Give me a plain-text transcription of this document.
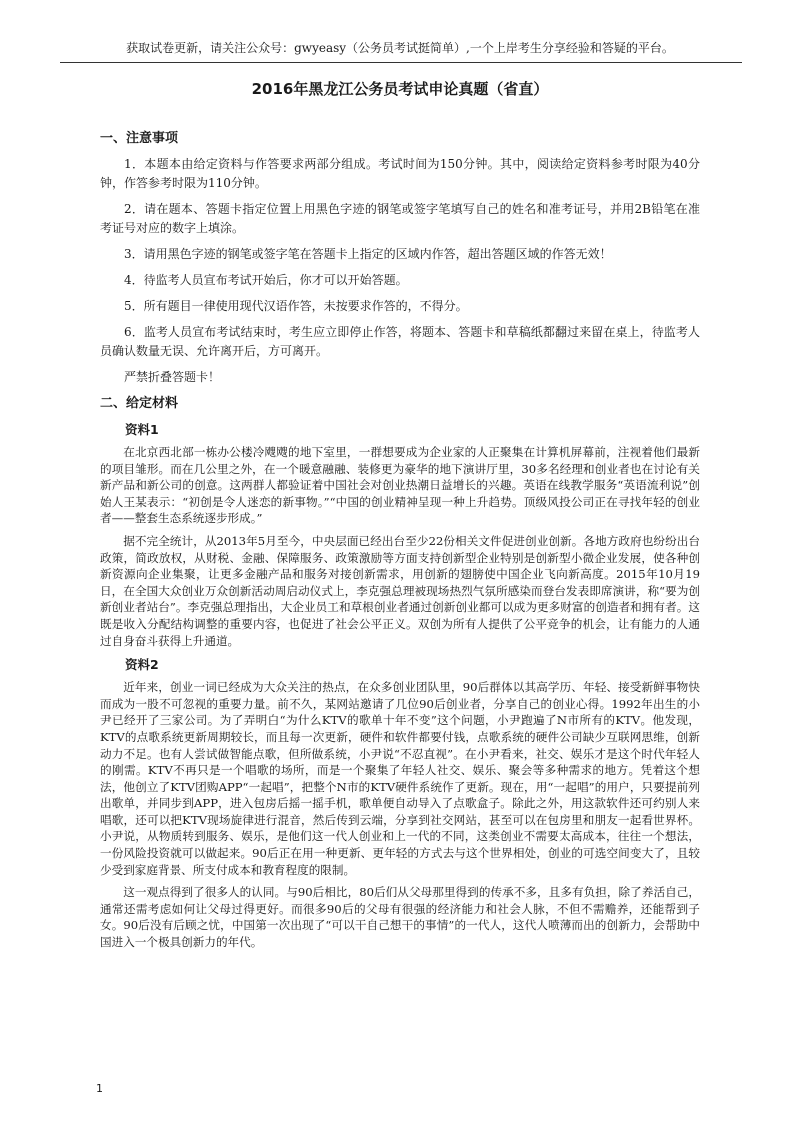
获取试卷更新，请关注公众号：gwyeasy（公务员考试挺简单）,一个上岸考生分享经验和答疑的平台。
2016年黑龙江公务员考试申论真题（省直）
一、注意事项

1．本题本由给定资料与作答要求两部分组成。考试时间为150分钟。其中，阅读给定资料参考时限为40分钟，作答参考时限为110分钟。

2．请在题本、答题卡指定位置上用黑色字迹的钢笔或签字笔填写自己的姓名和准考证号，并用2B铅笔在准考证号对应的数字上填涂。

3．请用黑色字迹的钢笔或签字笔在答题卡上指定的区域内作答，超出答题区域的作答无效！

4．待监考人员宣布考试开始后，你才可以开始答题。

5．所有题目一律使用现代汉语作答，未按要求作答的，不得分。

6．监考人员宣布考试结束时，考生应立即停止作答，将题本、答题卡和草稿纸都翻过来留在桌上，待监考人员确认数量无误、允许离开后，方可离开。

严禁折叠答题卡！

二、给定材料
资料1

在北京西北部一栋办公楼冷飕飕的地下室里，一群想要成为企业家的人正聚集在计算机屏幕前，注视着他们最新的项目雏形。而在几公里之外，在一个暖意融融、装修更为豪华的地下演讲厅里，30多名经理和创业者也在讨论有关新产品和新公司的创意。这两群人都验证着中国社会对创业热潮日益增长的兴趣。英语在线教学服务“英语流利说”创始人王某表示：“初创是令人迷恋的新事物。”“中国的创业精神呈现一种上升趋势。顶级风投公司正在寻找年轻的创业者——整套生态系统逐步形成。”

据不完全统计，从2013年5月至今，中央层面已经出台至少22份相关文件促进创业创新。各地方政府也纷纷出台政策，简政放权，从财税、金融、保障服务、政策激励等方面支持创新型企业特别是创新型小微企业发展，使各种创新资源向企业集聚，让更多金融产品和服务对接创新需求，用创新的翅膀使中国企业飞向新高度。2015年10月19日，在全国大众创业万众创新活动周启动仪式上，李克强总理被现场热烈气氛所感染而登台发表即席演讲，称“要为创新创业者站台”。李克强总理指出，大企业员工和草根创业者通过创新创业都可以成为更多财富的创造者和拥有者。这既是收入分配结构调整的重要内容，也促进了社会公平正义。双创为所有人提供了公平竞争的机会，让有能力的人通过自身奋斗获得上升通道。

资料2

近年来，创业一词已经成为大众关注的热点，在众多创业团队里，90后群体以其高学历、年轻、接受新鲜事物快而成为一股不可忽视的重要力量。前不久，某网站邀请了几位90后创业者，分享自己的创业心得。1992年出生的小尹已经开了三家公司。为了弄明白“为什么KTV的歌单十年不变”这个问题，小尹跑遍了N市所有的KTV。他发现，KTV的点歌系统更新周期较长，而且每一次更新，硬件和软件都要付钱，点歌系统的硬件公司缺少互联网思维，创新动力不足。也有人尝试做智能点歌，但所做系统，小尹说“不忍直视”。在小尹看来，社交、娱乐才是这个时代年轻人的刚需。KTV不再只是一个唱歌的场所，而是一个聚集了年轻人社交、娱乐、聚会等多种需求的地方。凭着这个想法，他创立了KTV团购APP“一起唱”，把整个N市的KTV硬件系统作了更新。现在，用“一起唱”的用户，只要提前列出歌单，并同步到APP，进入包房后摇一摇手机，歌单便自动导入了点歌盒子。除此之外，用这款软件还可约别人来唱歌，还可以把KTV现场旋律进行混音，然后传到云端，分享到社交网站，甚至可以在包房里和朋友一起看世界杯。小尹说，从物质转到服务、娱乐，是他们这一代人创业和上一代的不同，这类创业不需要太高成本，往往一个想法，一份风险投资就可以做起来。90后正在用一种更新、更年轻的方式去与这个世界相处，创业的可选空间变大了，且较少受到家庭背景、所支付成本和教育程度的限制。

这一观点得到了很多人的认同。与90后相比，80后们从父母那里得到的传承不多，且多有负担，除了养活自己，通常还需考虑如何让父母过得更好。而很多90后的父母有很强的经济能力和社会人脉，不但不需赡养，还能帮到子女。90后没有后顾之忧，中国第一次出现了“可以干自己想干的事情”的一代人，这代人喷薄而出的创新力，会帮助中国进入一个极具创新力的年代。

1
